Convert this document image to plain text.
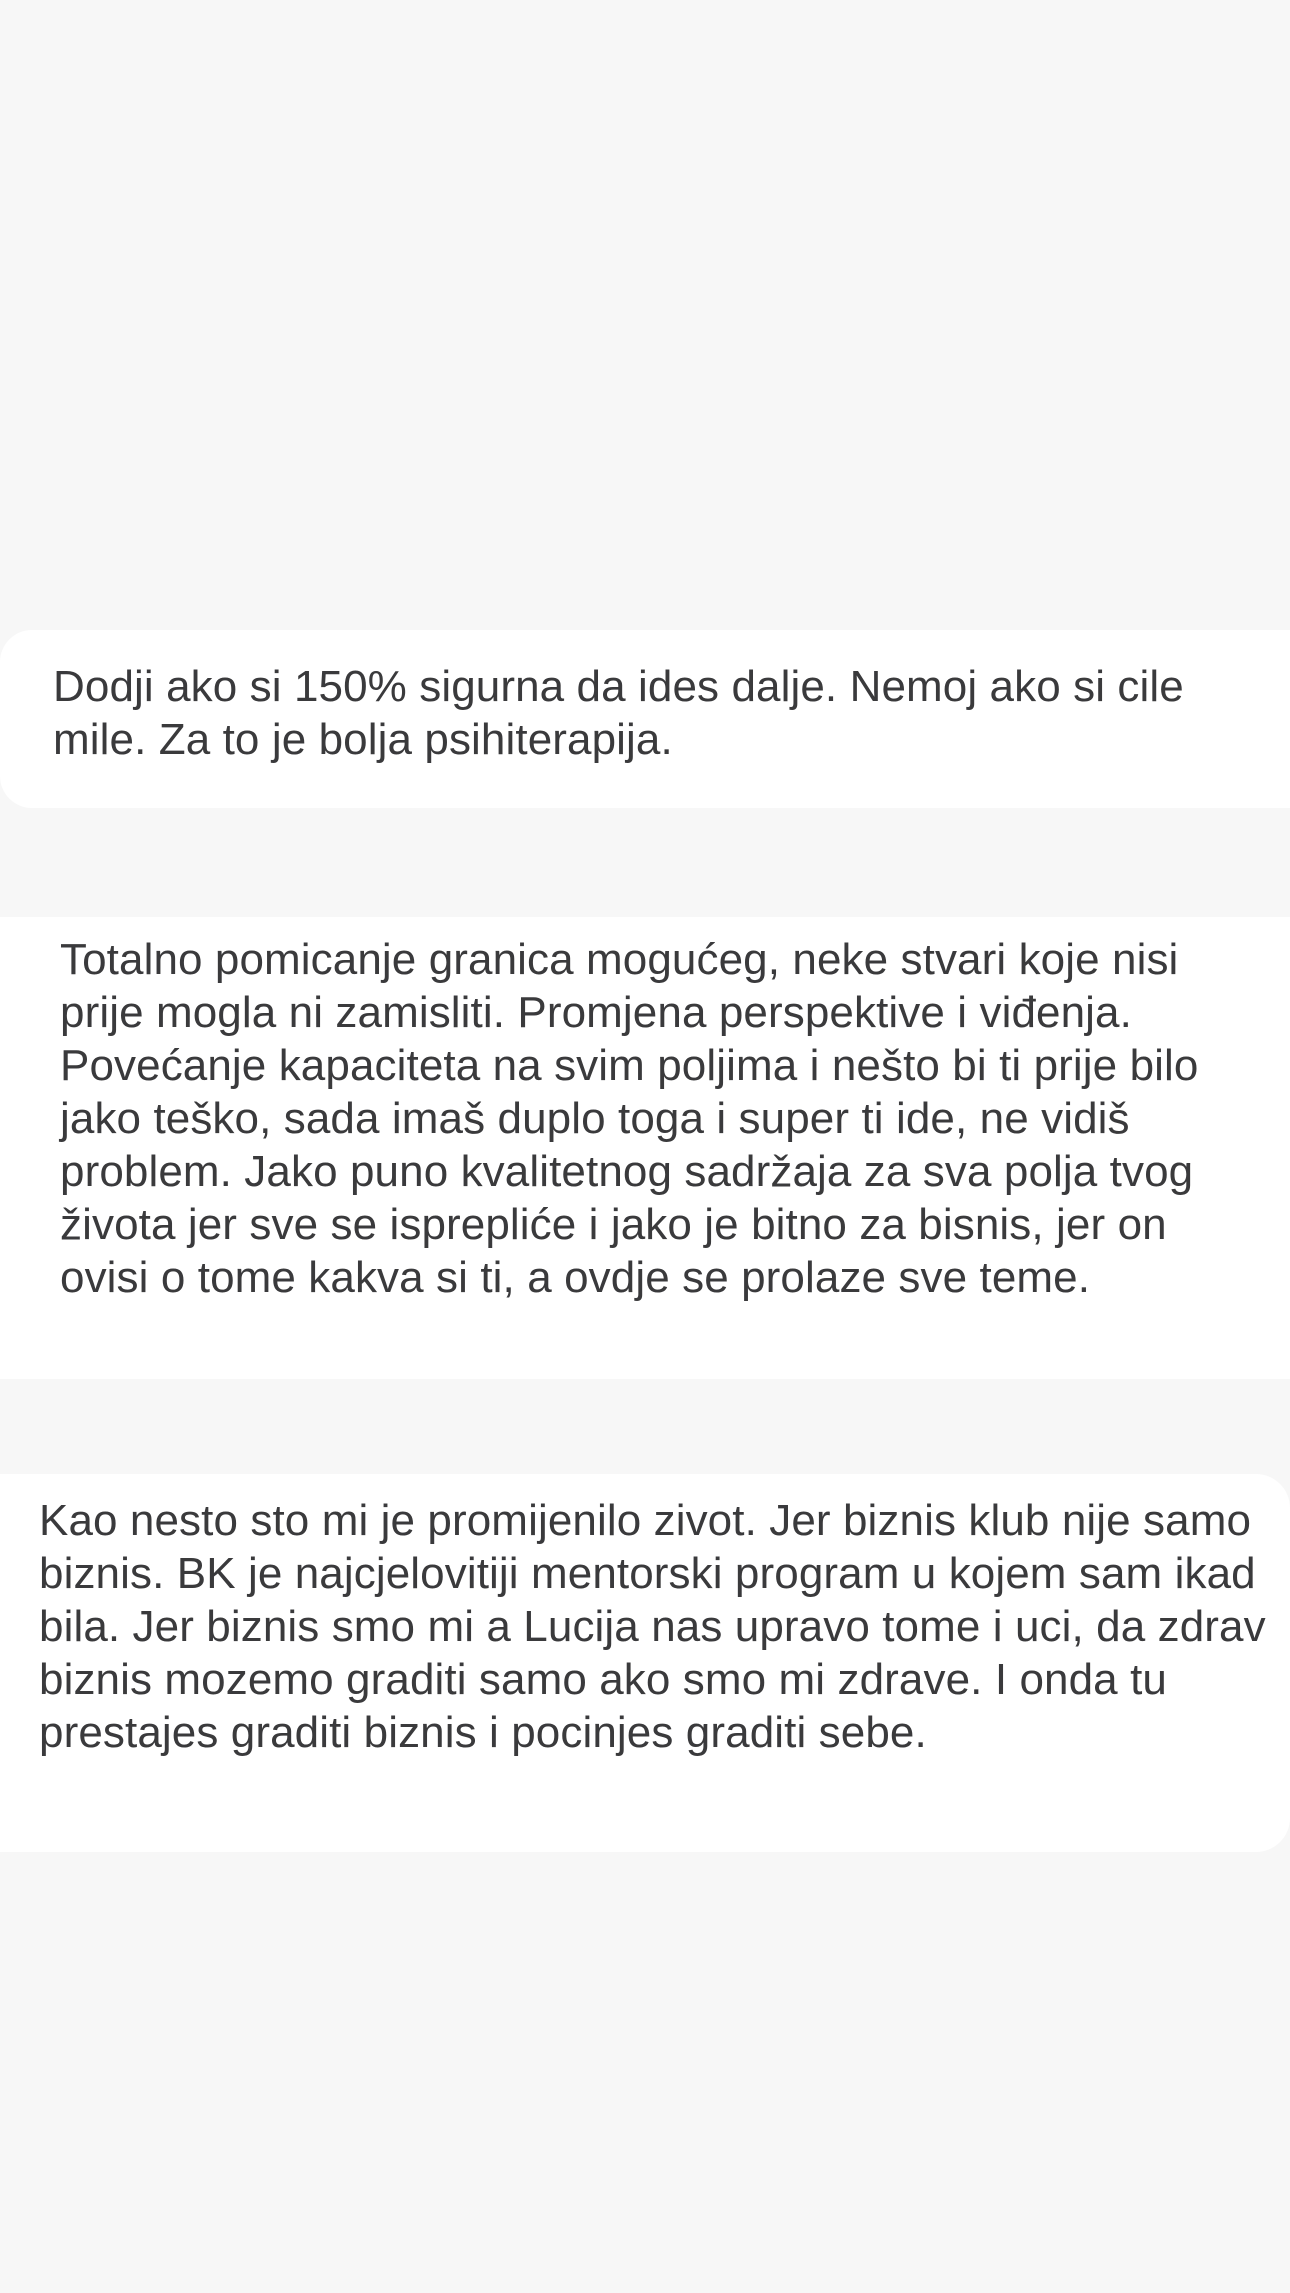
Dodji ako si 150% sigurna da ides dalje. Nemoj ako si cile mile. Za to je bolja psihiterapija.
Totalno pomicanje granica mogućeg, neke stvari koje nisi prije mogla ni zamisliti. Promjena perspektive i viđenja. Povećanje kapaciteta na svim poljima i nešto bi ti prije bilo jako teško, sada imaš duplo toga i super ti ide, ne vidiš problem. Jako puno kvalitetnog sadržaja za sva polja tvog života jer sve se isprepliće i jako je bitno za bisnis, jer on ovisi o tome kakva si ti, a ovdje se prolaze sve teme.
Kao nesto sto mi je promijenilo zivot. Jer biznis klub nije samo biznis. BK je najcjelovitiji mentorski program u kojem sam ikad bila. Jer biznis smo mi a Lucija nas upravo tome i uci, da zdrav biznis mozemo graditi samo ako smo mi zdrave. I onda tu prestajes graditi biznis i pocinjes graditi sebe.
